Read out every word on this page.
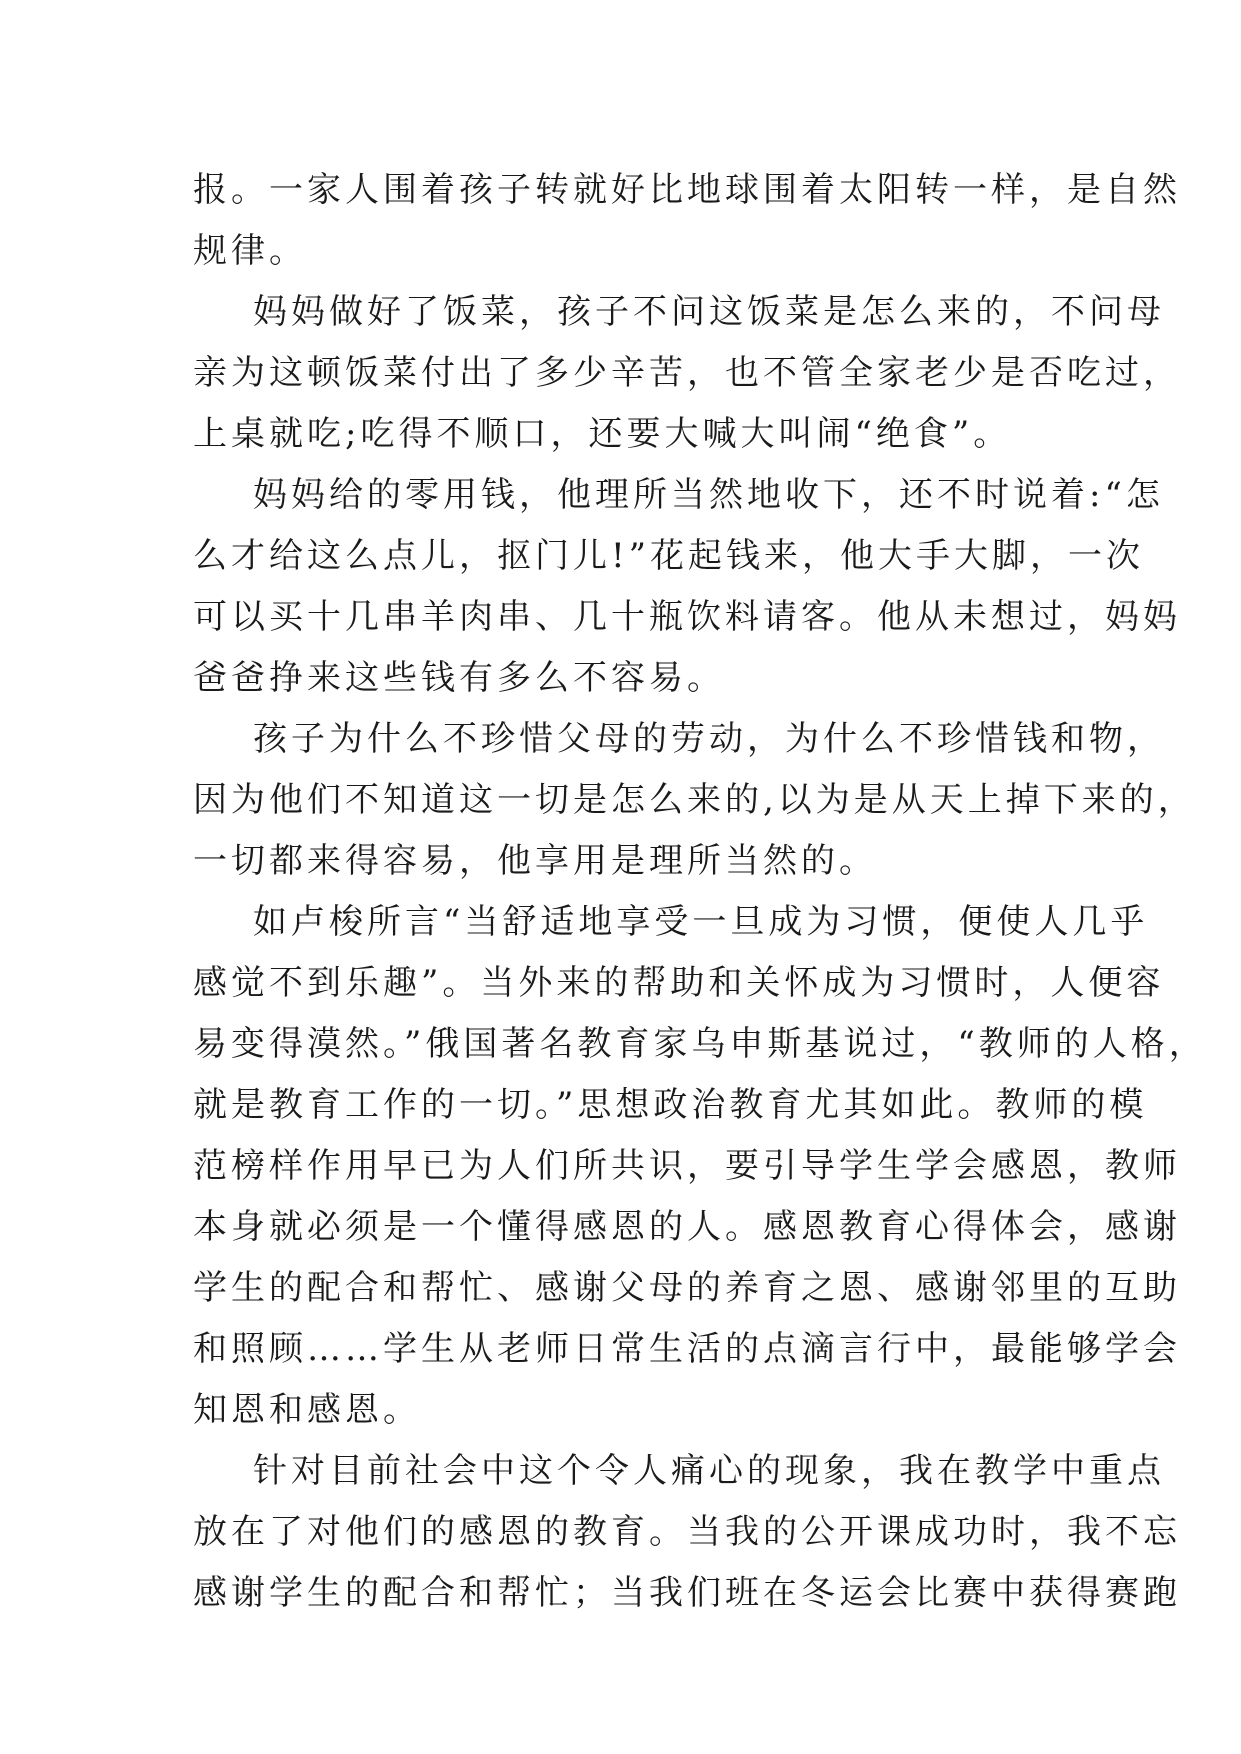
报。一家人围着孩子转就好比地球围着太阳转一样，是自然
规律。
妈妈做好了饭菜，孩子不问这饭菜是怎么来的，不问母
亲为这顿饭菜付出了多少辛苦，也不管全家老少是否吃过，
上桌就吃;吃得不顺口，还要大喊大叫闹“绝食”。
妈妈给的零用钱，他理所当然地收下，还不时说着:“怎
么才给这么点儿，抠门儿!”花起钱来，他大手大脚，一次
可以买十几串羊肉串、几十瓶饮料请客。他从未想过，妈妈
爸爸挣来这些钱有多么不容易。
孩子为什么不珍惜父母的劳动，为什么不珍惜钱和物，
因为他们不知道这一切是怎么来的,以为是从天上掉下来的，
一切都来得容易，他享用是理所当然的。
如卢梭所言“当舒适地享受一旦成为习惯，便使人几乎
感觉不到乐趣”。当外来的帮助和关怀成为习惯时，人便容
易变得漠然。”俄国著名教育家乌申斯基说过，“教师的人格，
就是教育工作的一切。”思想政治教育尤其如此。教师的模
范榜样作用早已为人们所共识，要引导学生学会感恩，教师
本身就必须是一个懂得感恩的人。感恩教育心得体会，感谢
学生的配合和帮忙、感谢父母的养育之恩、感谢邻里的互助
和照顾……学生从老师日常生活的点滴言行中，最能够学会
知恩和感恩。
针对目前社会中这个令人痛心的现象，我在教学中重点
放在了对他们的感恩的教育。当我的公开课成功时，我不忘
感谢学生的配合和帮忙；当我们班在冬运会比赛中获得赛跑
